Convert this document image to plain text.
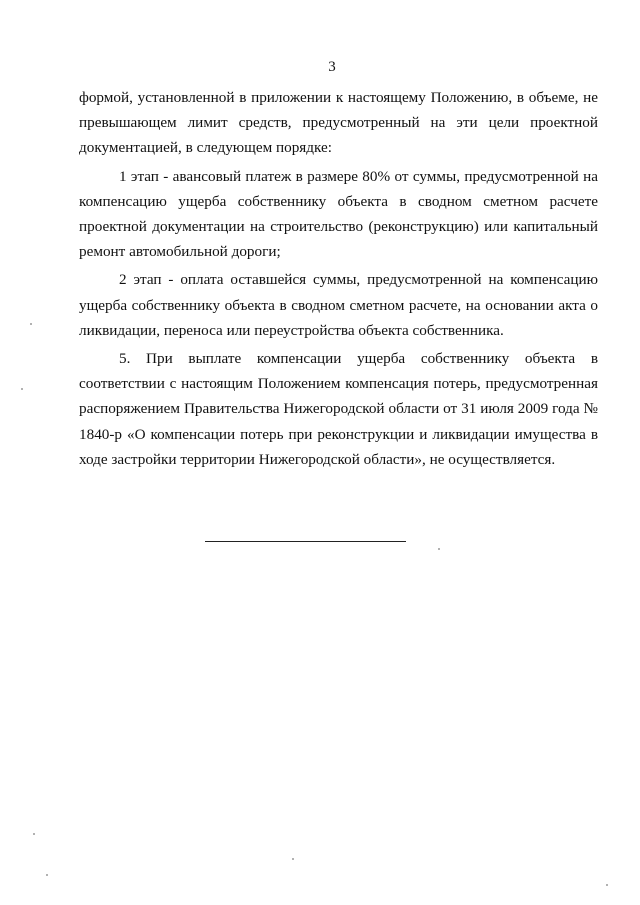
3

формой, установленной в приложении к настоящему Положению, в объеме, не превышающем лимит средств, предусмотренный на эти цели проектной документацией, в следующем порядке:

1 этап - авансовый платеж в размере 80% от суммы, предусмотренной на компенсацию ущерба собственнику объекта в сводном сметном расчете проектной документации на строительство (реконструкцию) или капитальный ремонт автомобильной дороги;

2 этап - оплата оставшейся суммы, предусмотренной на компенсацию ущерба собственнику объекта в сводном сметном расчете, на основании акта о ликвидации, переноса или переустройства объекта собственника.

5. При выплате компенсации ущерба собственнику объекта в соответствии с настоящим Положением компенсация потерь, предусмотренная распоряжением Правительства Нижегородской области от 31 июля 2009 года № 1840-р «О компенсации потерь при реконструкции и ликвидации имущества в ходе застройки территории Нижегородской области», не осуществляется.
